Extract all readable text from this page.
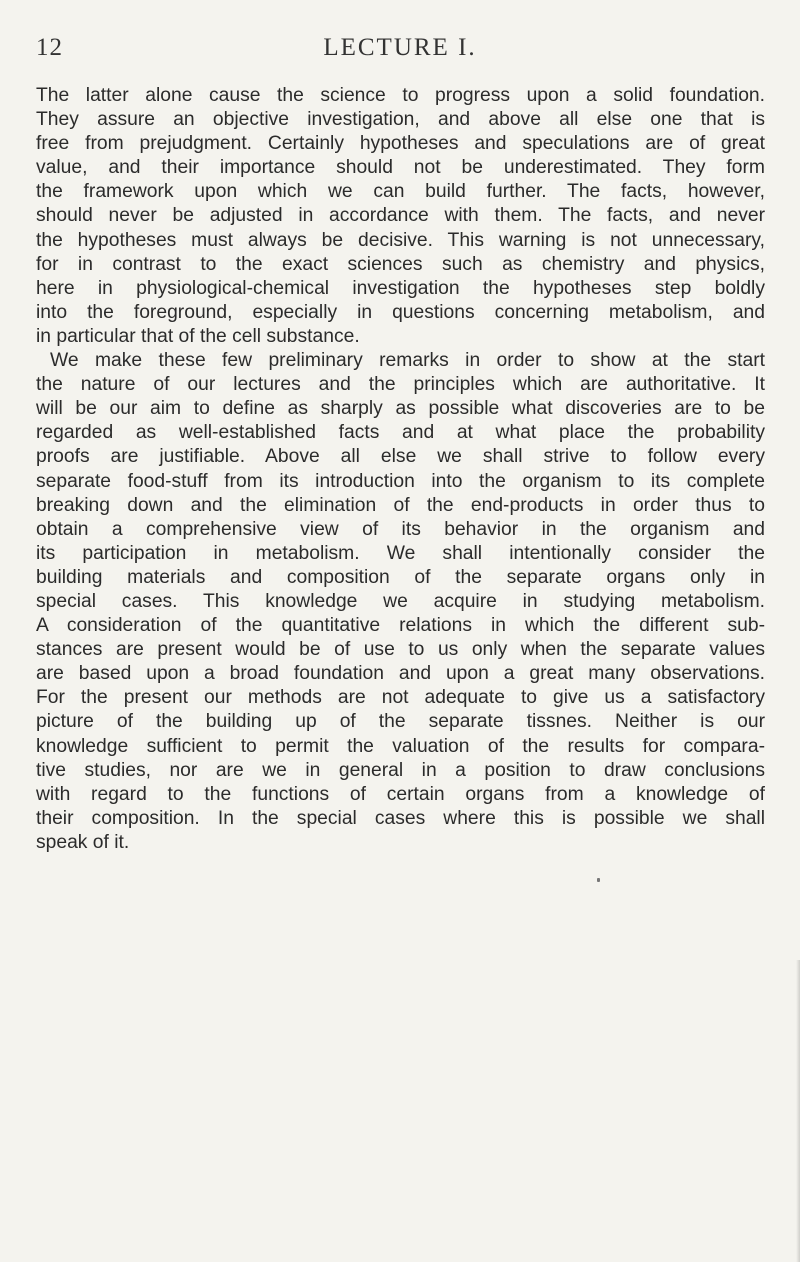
12	LECTURE I.
The latter alone cause the science to progress upon a solid foundation.
They assure an objective investigation, and above all else one that is
free from prejudgment. Certainly hypotheses and speculations are of great
value, and their importance should not be underestimated. They form
the framework upon which we can build further. The facts, however,
should never be adjusted in accordance with them. The facts, and never
the hypotheses must always be decisive. This warning is not unnecessary,
for in contrast to the exact sciences such as chemistry and physics,
here in physiological-chemical investigation the hypotheses step boldly
into the foreground, especially in questions concerning metabolism, and
in particular that of the cell substance.
We make these few preliminary remarks in order to show at the start
the nature of our lectures and the principles which are authoritative. It
will be our aim to define as sharply as possible what discoveries are to be
regarded as well-established facts and at what place the probability
proofs are justifiable. Above all else we shall strive to follow every
separate food-stuff from its introduction into the organism to its complete
breaking down and the elimination of the end-products in order thus to
obtain a comprehensive view of its behavior in the organism and
its participation in metabolism. We shall intentionally consider the
building materials and composition of the separate organs only in
special cases. This knowledge we acquire in studying metabolism.
A consideration of the quantitative relations in which the different sub-
stances are present would be of use to us only when the separate values
are based upon a broad foundation and upon a great many observations.
For the present our methods are not adequate to give us a satisfactory
picture of the building up of the separate tissnes. Neither is our
knowledge sufficient to permit the valuation of the results for compara-
tive studies, nor are we in general in a position to draw conclusions
with regard to the functions of certain organs from a knowledge of
their composition. In the special cases where this is possible we shall
speak of it.
